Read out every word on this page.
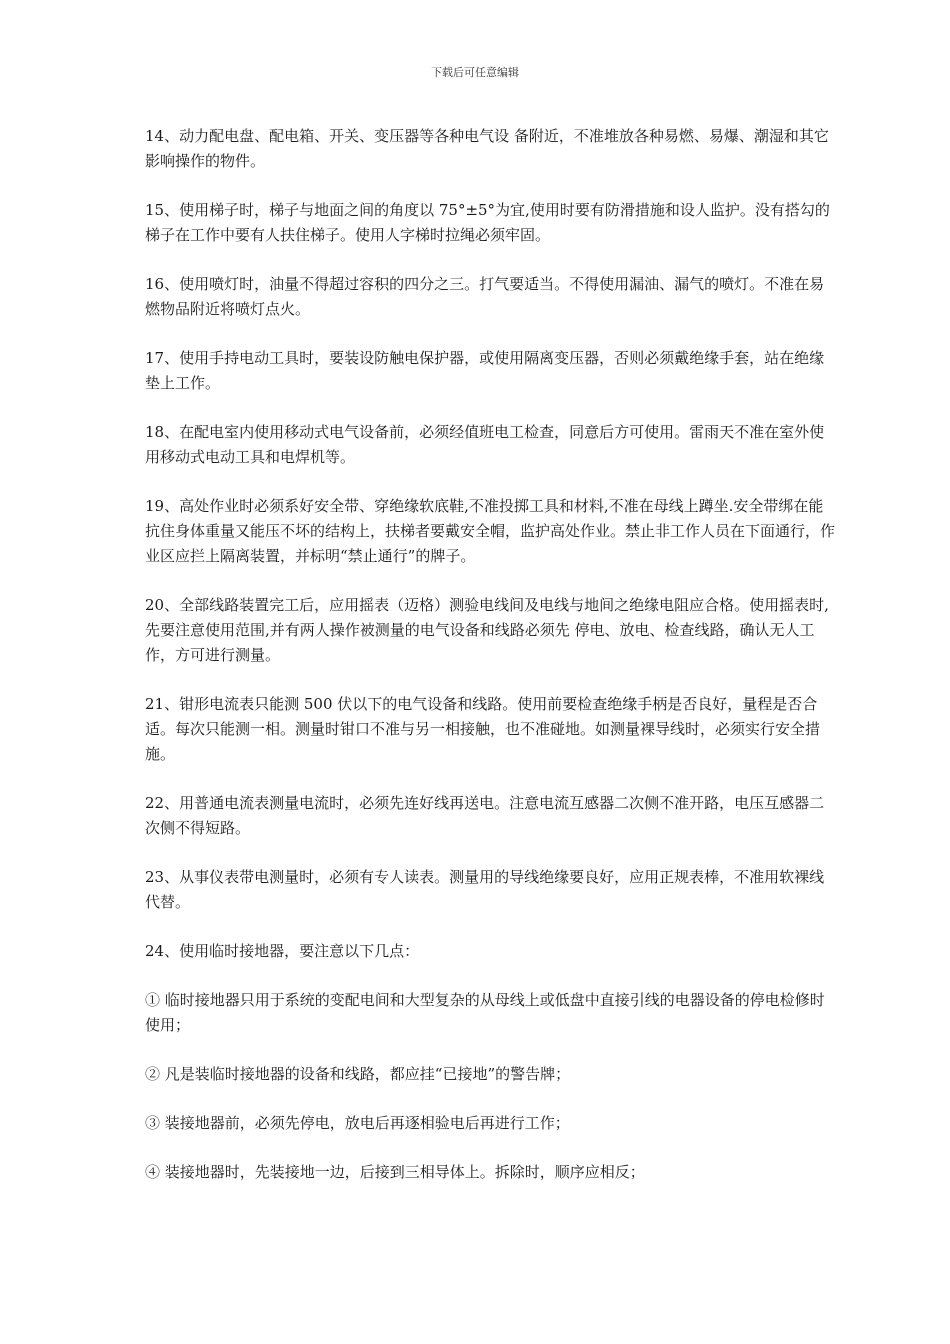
下载后可任意编辑

14、动力配电盘、配电箱、开关、变压器等各种电气设 备附近，不准堆放各种易燃、易爆、潮湿和其它影响操作的物件。

15、使用梯子时，梯子与地面之间的角度以 75°±5°为宜,使用时要有防滑措施和设人监护。没有搭勾的梯子在工作中要有人扶住梯子。使用人字梯时拉绳必须牢固。

16、使用喷灯时，油量不得超过容积的四分之三。打气要适当。不得使用漏油、漏气的喷灯。不准在易燃物品附近将喷灯点火。

17、使用手持电动工具时，要装设防触电保护器，或使用隔离变压器，否则必须戴绝缘手套，站在绝缘垫上工作。

18、在配电室内使用移动式电气设备前，必须经值班电工检查，同意后方可使用。雷雨天不准在室外使用移动式电动工具和电焊机等。

19、高处作业时必须系好安全带、穿绝缘软底鞋,不准投掷工具和材料,不准在母线上蹲坐.安全带绑在能抗住身体重量又能压不坏的结构上，扶梯者要戴安全帽，监护高处作业。禁止非工作人员在下面通行，作业区应拦上隔离装置，并标明“禁止通行”的牌子。

20、全部线路装置完工后，应用摇表（迈格）测验电线间及电线与地间之绝缘电阻应合格。使用摇表时,先要注意使用范围,并有两人操作被测量的电气设备和线路必须先 停电、放电、检查线路，确认无人工作，方可进行测量。

21、钳形电流表只能测 500 伏以下的电气设备和线路。使用前要检查绝缘手柄是否良好，量程是否合适。每次只能测一相。测量时钳口不准与另一相接触，也不准碰地。如测量裸导线时，必须实行安全措施。

22、用普通电流表测量电流时，必须先连好线再送电。注意电流互感器二次侧不准开路，电压互感器二次侧不得短路。

23、从事仪表带电测量时，必须有专人读表。测量用的导线绝缘要良好，应用正规表棒，不准用软裸线代替。

24、使用临时接地器，要注意以下几点：

① 临时接地器只用于系统的变配电间和大型复杂的从母线上或低盘中直接引线的电器设备的停电检修时使用；

② 凡是装临时接地器的设备和线路，都应挂“已接地”的警告牌；

③ 装接地器前，必须先停电，放电后再逐相验电后再进行工作；

④ 装接地器时，先装接地一边，后接到三相导体上。拆除时，顺序应相反；
